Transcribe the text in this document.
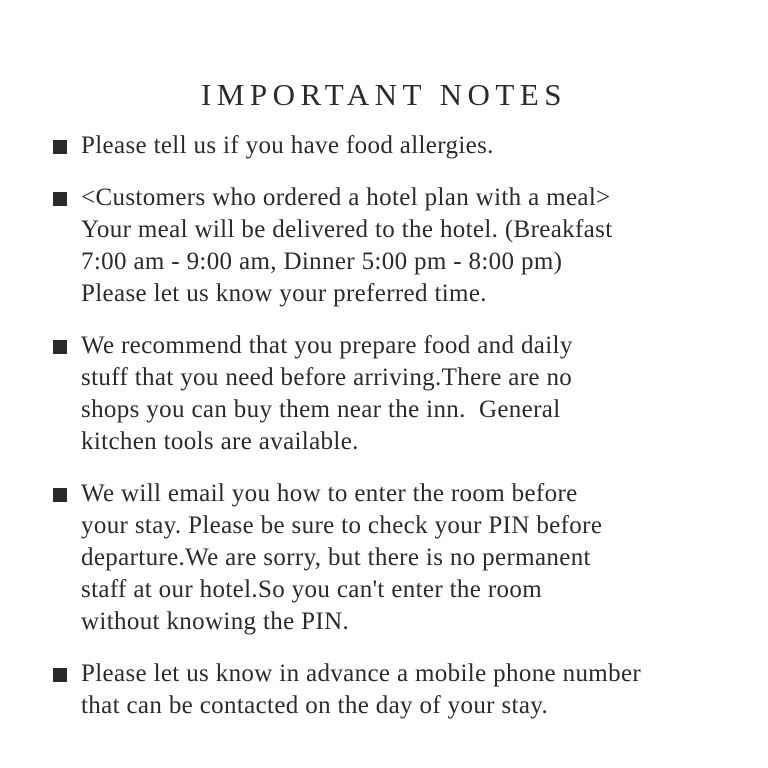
IMPORTANT NOTES
Please tell us if you have food allergies.
<Customers who ordered a hotel plan with a meal>
Your meal will be delivered to the hotel. (Breakfast
7:00 am - 9:00 am, Dinner 5:00 pm - 8:00 pm)
Please let us know your preferred time.
We recommend that you prepare food and daily
stuff that you need before arriving.There are no
shops you can buy them near the inn.  General
kitchen tools are available.
We will email you how to enter the room before
your stay. Please be sure to check your PIN before
departure.We are sorry, but there is no permanent
staff at our hotel.So you can't enter the room
without knowing the PIN.
Please let us know in advance a mobile phone number
that can be contacted on the day of your stay.
